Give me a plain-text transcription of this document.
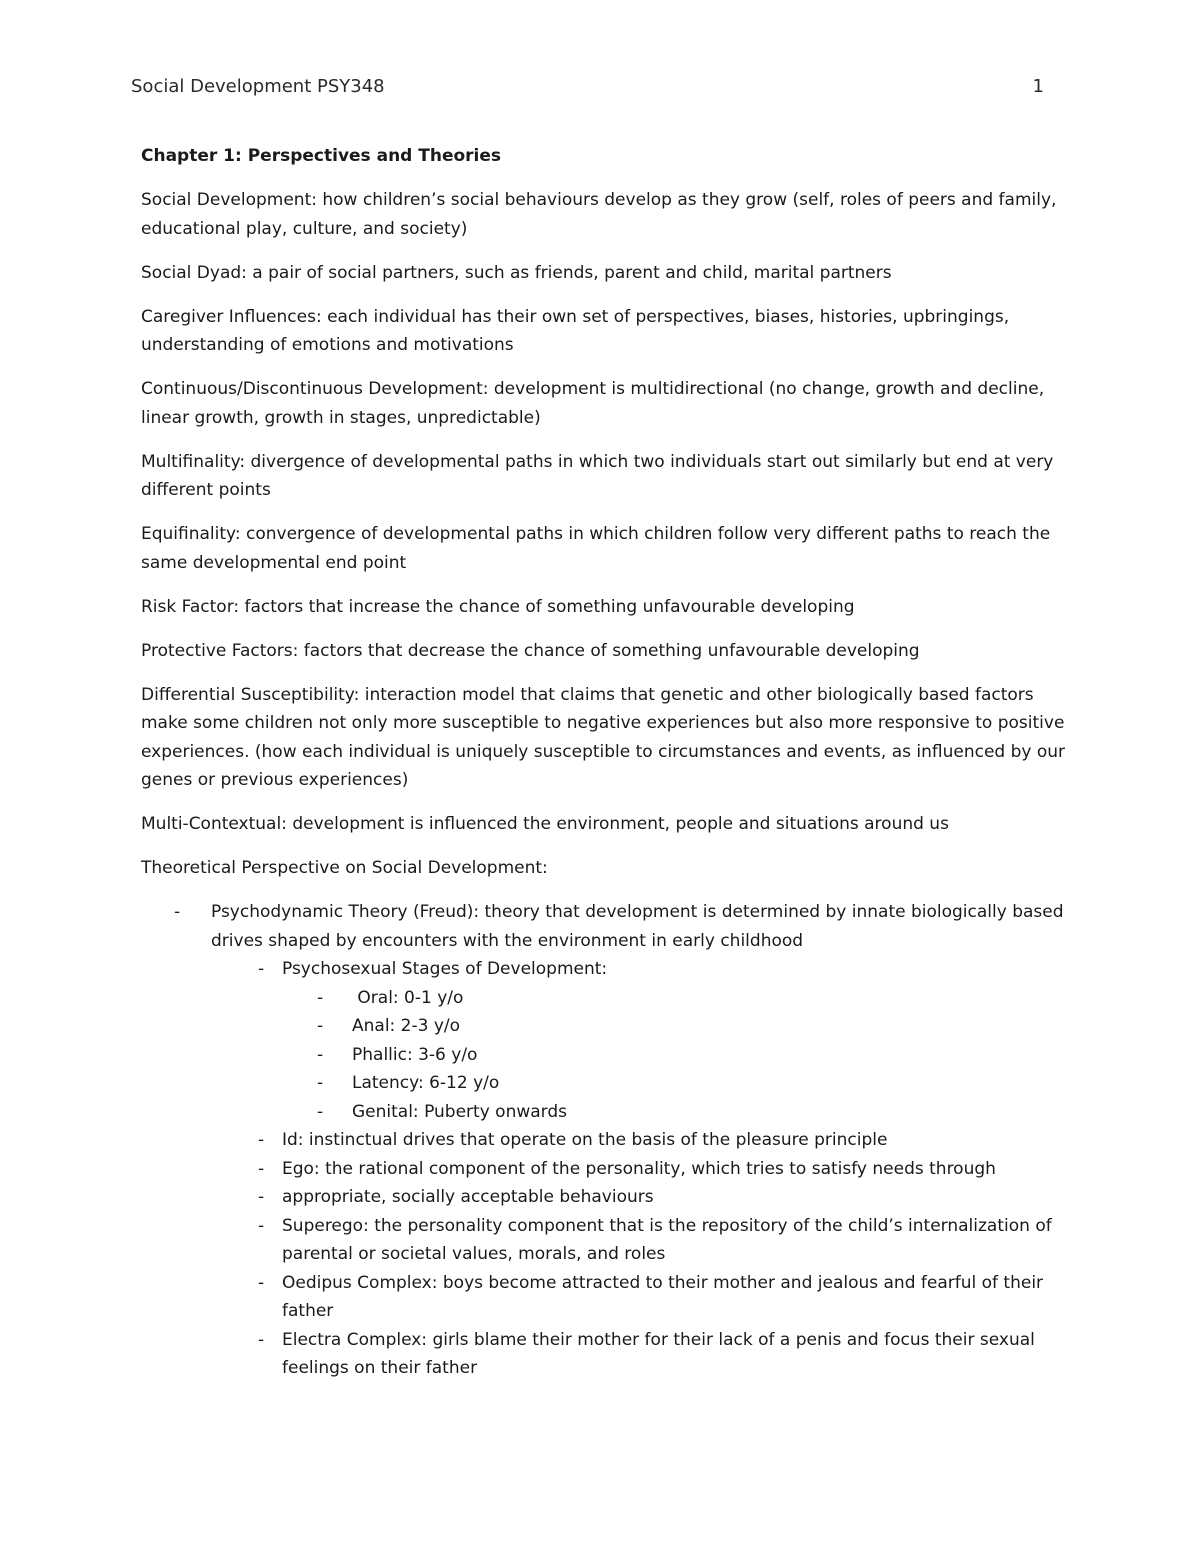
Social Development PSY348	1

Chapter 1: Perspectives and Theories

Social Development: how children’s social behaviours develop as they grow (self, roles of peers and family, educational play, culture, and society)

Social Dyad: a pair of social partners, such as friends, parent and child, marital partners

Caregiver Influences: each individual has their own set of perspectives, biases, histories, upbringings, understanding of emotions and motivations

Continuous/Discontinuous Development: development is multidirectional (no change, growth and decline, linear growth, growth in stages, unpredictable)

Multifinality: divergence of developmental paths in which two individuals start out similarly but end at very different points

Equifinality: convergence of developmental paths in which children follow very different paths to reach the same developmental end point

Risk Factor: factors that increase the chance of something unfavourable developing

Protective Factors: factors that decrease the chance of something unfavourable developing

Differential Susceptibility: interaction model that claims that genetic and other biologically based factors make some children not only more susceptible to negative experiences but also more responsive to positive experiences. (how each individual is uniquely susceptible to circumstances and events, as influenced by our genes or previous experiences)

Multi-Contextual: development is influenced the environment, people and situations around us

Theoretical Perspective on Social Development:

- Psychodynamic Theory (Freud): theory that development is determined by innate biologically based drives shaped by encounters with the environment in early childhood
- Psychosexual Stages of Development:
- Oral: 0-1 y/o
- Anal: 2-3 y/o
- Phallic: 3-6 y/o
- Latency: 6-12 y/o
- Genital: Puberty onwards
- Id: instinctual drives that operate on the basis of the pleasure principle
- Ego: the rational component of the personality, which tries to satisfy needs through
- appropriate, socially acceptable behaviours
- Superego: the personality component that is the repository of the child’s internalization of parental or societal values, morals, and roles
- Oedipus Complex: boys become attracted to their mother and jealous and fearful of their father
- Electra Complex: girls blame their mother for their lack of a penis and focus their sexual feelings on their father
